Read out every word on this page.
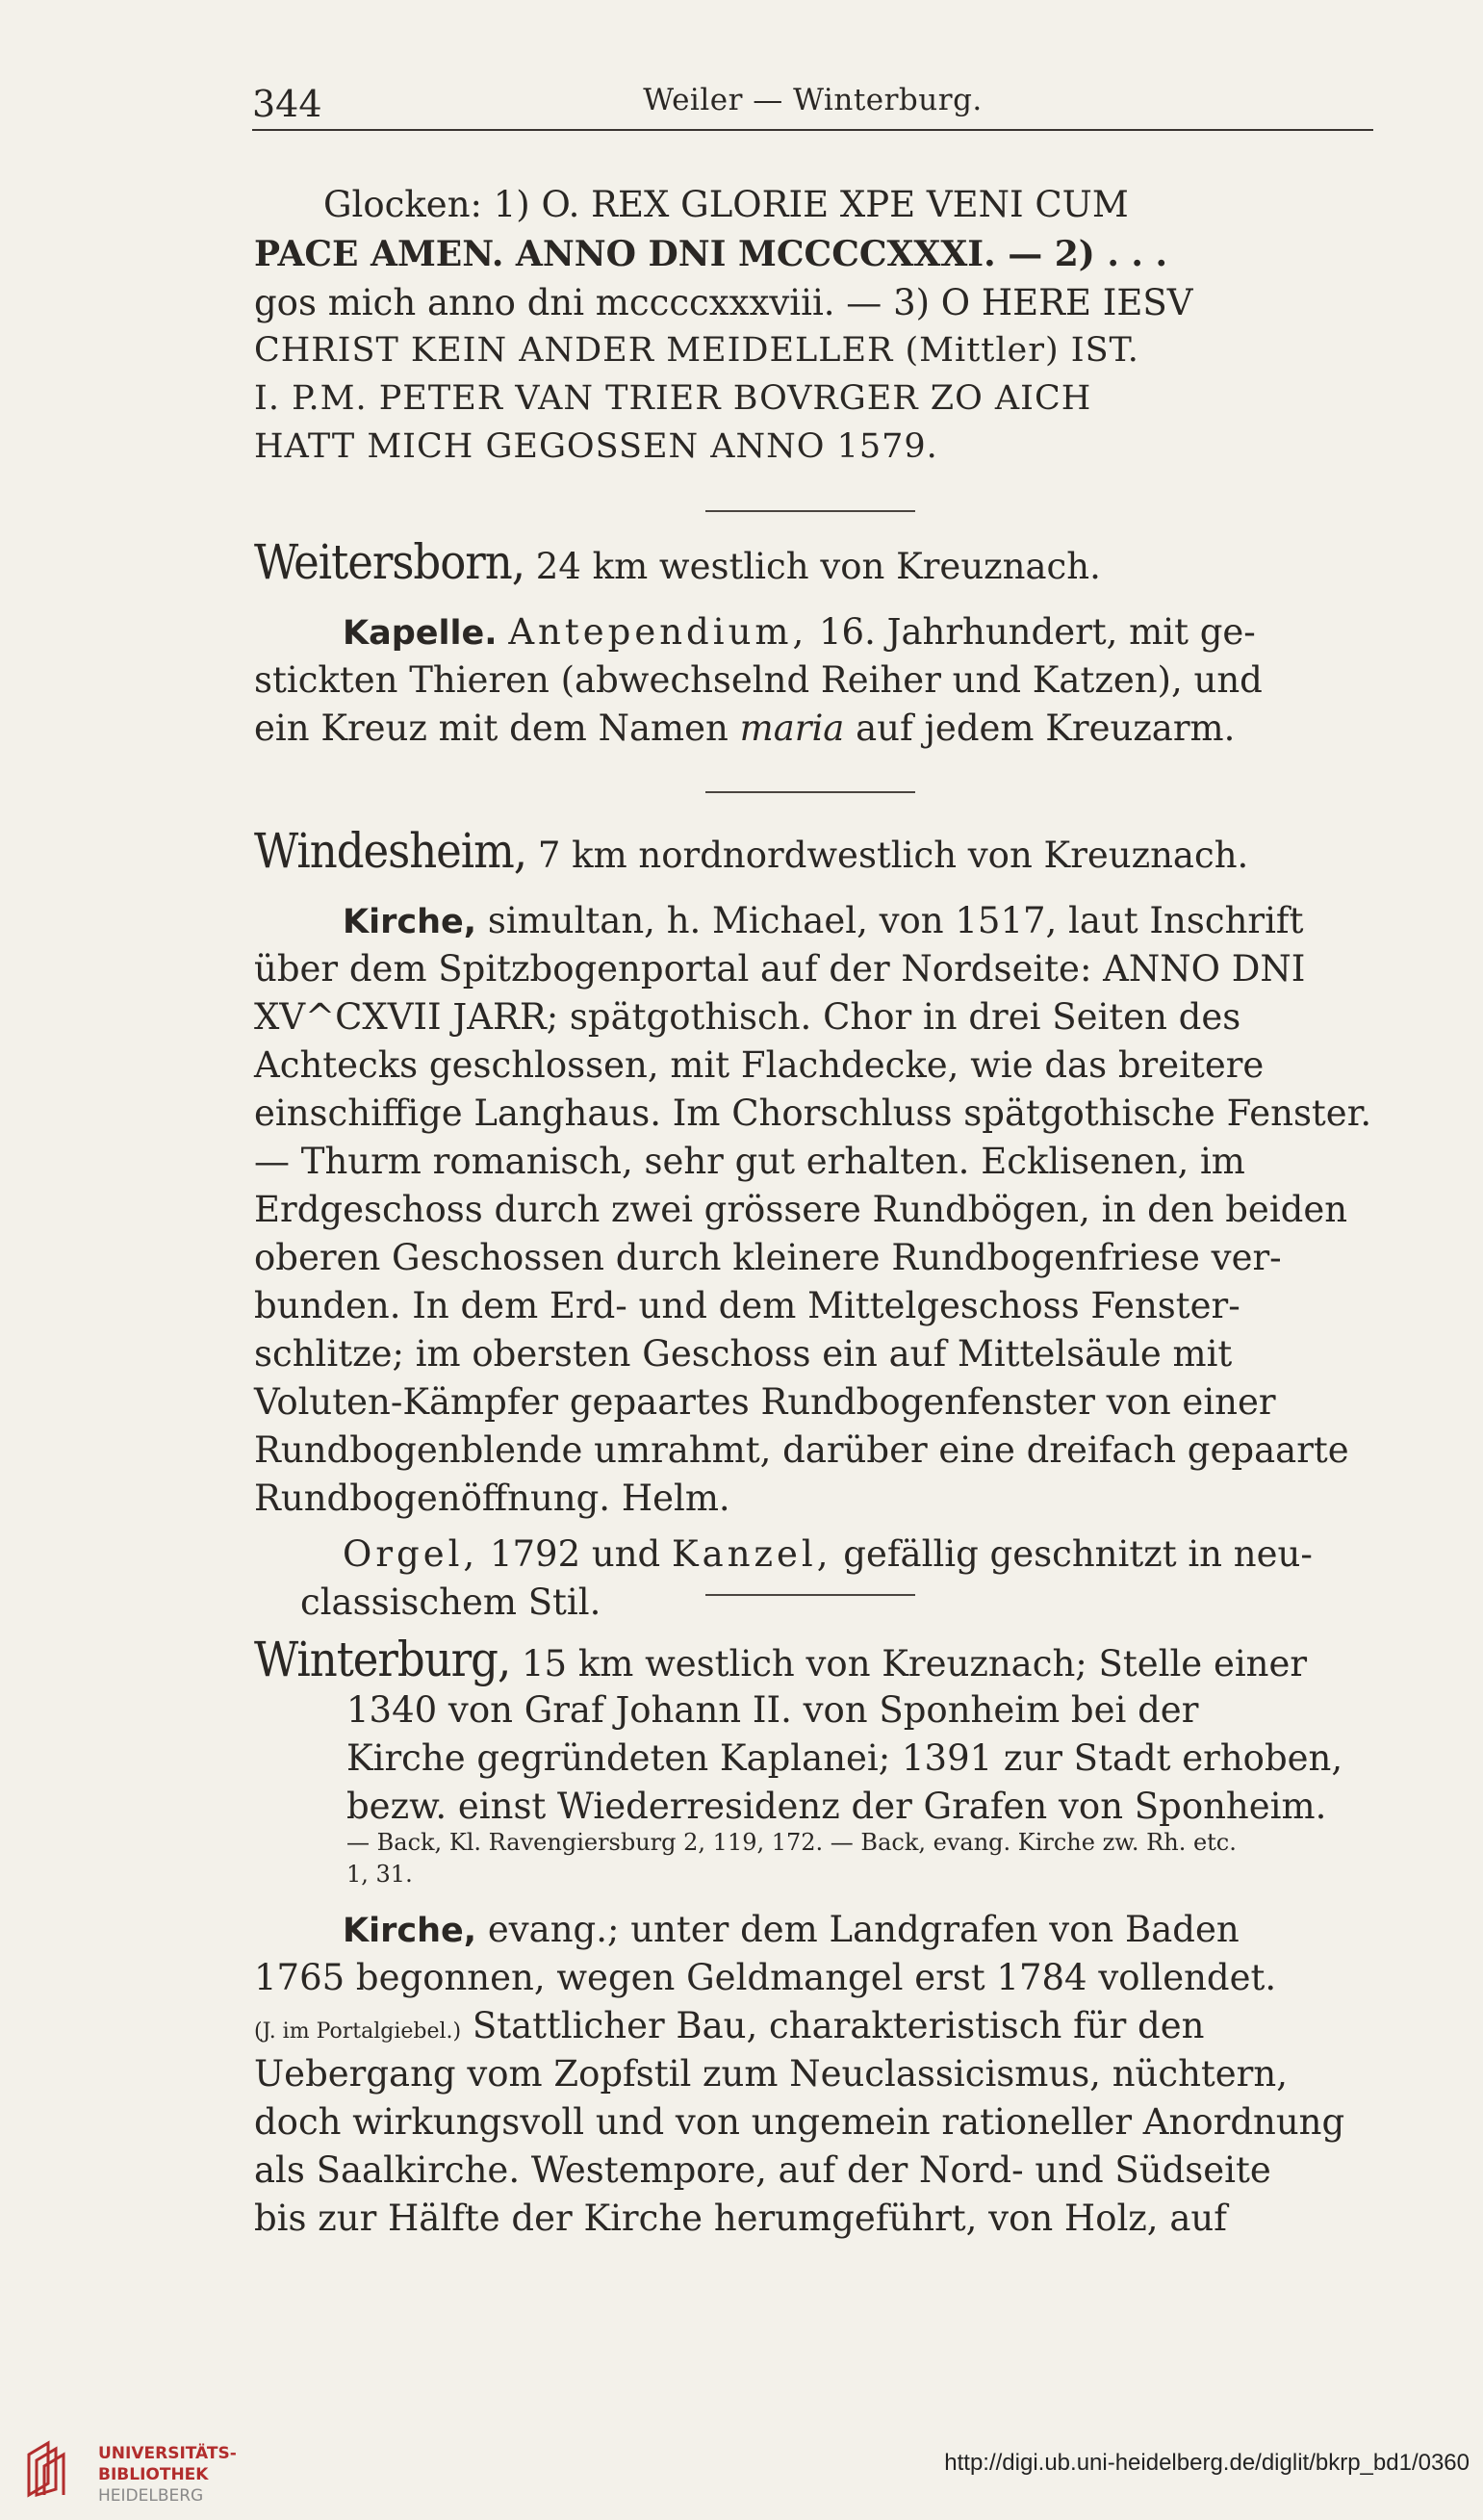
344	Weiler — Winterburg.
Glocken: 1) O. REX GLORIE XPE VENI CUM
PACE AMEN. ANNO DNI MCCCCXXXI. — 2) . . .
gos mich anno dni mccccxxxviii. — 3) O HERE IESV
CHRIST KEIN ANDER MEIDELLER (Mittler) IST.
I. P.M. PETER VAN TRIER BOVRGER ZO AICH
HATT MICH GEGOSSEN ANNO 1579.
Weitersborn, 24 km westlich von Kreuznach.
Kapelle. Antependium, 16. Jahrhundert, mit ge-
stickten Thieren (abwechselnd Reiher und Katzen), und
ein Kreuz mit dem Namen maria auf jedem Kreuzarm.
Windesheim, 7 km nordnordwestlich von Kreuznach.
Kirche, simultan, h. Michael, von 1517, laut Inschrift
über dem Spitzbogenportal auf der Nordseite: ANNO DNI
XV^CXVII JARR; spätgothisch. Chor in drei Seiten des
Achtecks geschlossen, mit Flachdecke, wie das breitere
einschiffige Langhaus. Im Chorschluss spätgothische Fenster.
— Thurm romanisch, sehr gut erhalten. Ecklisenen, im
Erdgeschoss durch zwei grössere Rundbögen, in den beiden
oberen Geschossen durch kleinere Rundbogenfriese ver-
bunden. In dem Erd- und dem Mittelgeschoss Fenster-
schlitze; im obersten Geschoss ein auf Mittelsäule mit
Voluten-Kämpfer gepaartes Rundbogenfenster von einer
Rundbogenblende umrahmt, darüber eine dreifach gepaarte
Rundbogenöffnung. Helm.
Orgel, 1792 und Kanzel, gefällig geschnitzt in neu-
classischem Stil.
Winterburg, 15 km westlich von Kreuznach; Stelle einer
1340 von Graf Johann II. von Sponheim bei der
Kirche gegründeten Kaplanei; 1391 zur Stadt erhoben,
bezw. einst Wiederresidenz der Grafen von Sponheim.
— Back, Kl. Ravengiersburg 2, 119, 172. — Back, evang. Kirche zw. Rh. etc.
1, 31.
Kirche, evang.; unter dem Landgrafen von Baden
1765 begonnen, wegen Geldmangel erst 1784 vollendet.
(J. im Portalgiebel.) Stattlicher Bau, charakteristisch für den
Uebergang vom Zopfstil zum Neuclassicismus, nüchtern,
doch wirkungsvoll und von ungemein rationeller Anordnung
als Saalkirche. Westempore, auf der Nord- und Südseite
bis zur Hälfte der Kirche herumgeführt, von Holz, auf
UNIVERSITÄTS-
BIBLIOTHEK
HEIDELBERG
http://digi.ub.uni-heidelberg.de/diglit/bkrp_bd1/0360
